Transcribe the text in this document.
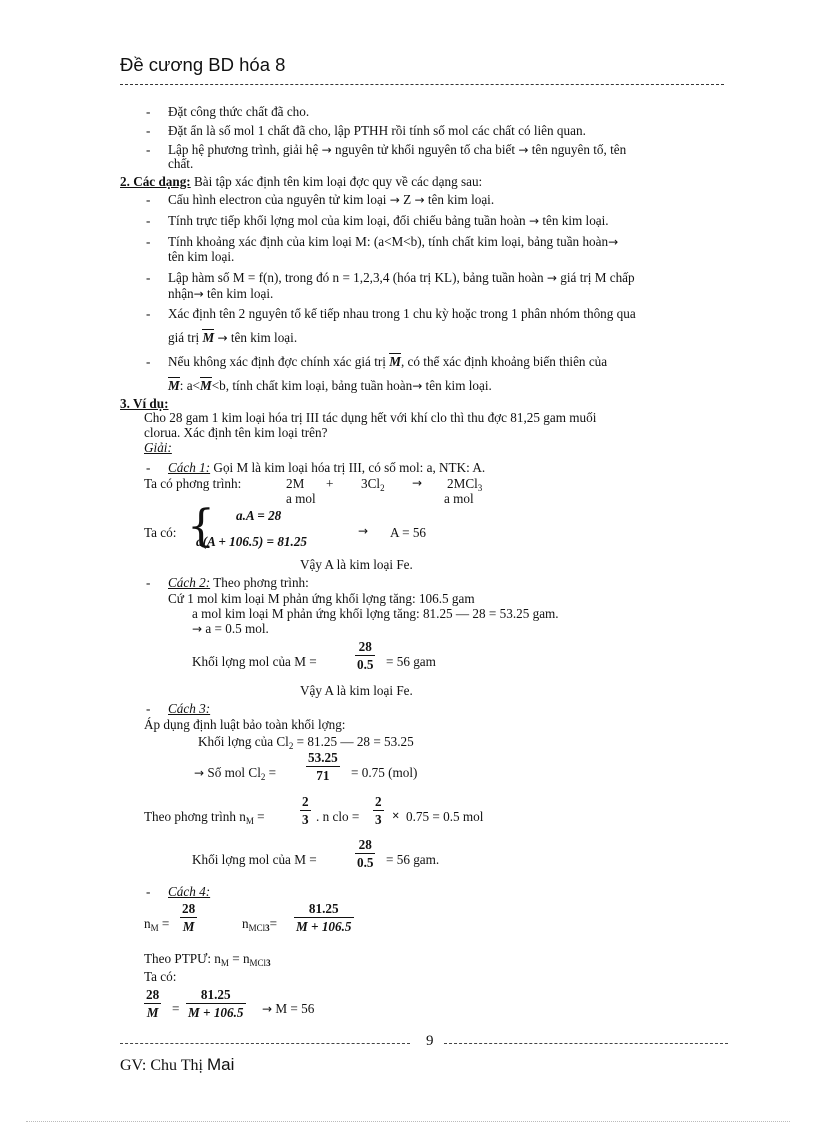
Đề cương BD hóa 8
-	Đặt công thức chất đã cho.
-	Đặt ẩn là số mol 1 chất đã cho, lập PTHH rồi tính số mol các chất có liên quan.
-	Lập hệ phương trình, giải hệ → nguyên tử khối nguyên tố cha biết → tên nguyên tố, tên
chất.
2. Các dạng: Bài tập xác định tên kim loại đợc quy về các dạng sau:
-	Cấu hình electron của nguyên tử kim loại → Z → tên kim loại.
-	Tính trực tiếp khối lợng mol của kim loại, đối chiếu bảng tuần hoàn → tên kim loại.
-	Tính khoảng xác định của kim loại M: (a<M<b), tính chất kim loại, bảng tuần hoàn→
tên kim loại.
-	Lập hàm số M = f(n), trong đó n = 1,2,3,4 (hóa trị KL), bảng tuần hoàn → giá trị M chấp
nhận→ tên kim loại.
-	Xác định tên 2 nguyên tố kế tiếp nhau trong 1 chu kỳ hoặc trong 1 phân nhóm thông qua
giá trị M → tên kim loại.
-	Nếu không xác định đợc chính xác giá trị M, có thể xác định khoảng biến thiên của
M: a<M<b, tính chất kim loại, bảng tuần hoàn→ tên kim loại.
3. Ví dụ:
Cho 28 gam 1 kim loại hóa trị III tác dụng hết với khí clo thì thu đợc 81,25 gam muối
clorua. Xác định tên kim loại trên?
Giải:
-	Cách 1: Gọi M là kim loại hóa trị III, có số mol: a, NTK: A.
Ta có phơng trình:	$2M + 3Cl_2 \to 2MCl_3$
a mol	a mol
Ta có: { a.A = 28
a(A + 106.5) = 81.25
→ A = 56
Vậy A là kim loại Fe.
-	Cách 2: Theo phơng trình:
Cứ 1 mol kim loại M phản ứng khối lợng tăng: 106.5 gam
a mol kim loại M phản ứng khối lợng tăng: 81.25 — 28 = 53.25 gam.
→ a = 0.5 mol.
Khối lợng mol của M =
28
0.5 = 56 gam
Vậy A là kim loại Fe.
-	Cách 3:
Áp dụng định luật bảo toàn khối lợng:
Khối lợng của $Cl_2 = 81.25$ — 28 = 53.25
→ Số mol $Cl_2$ =
53.25
71 = 0.75 (mol)
Theo phơng trình $n_M$ =
2
3 . n clo =
2
3 × 0.75 = 0.5 mol
Khối lợng mol của M =
28
0.5 = 56 gam.
-	Cách 4:
$n_M$ =
28
M	$n_{MCl3}=$
81.25
M + 106.5
Theo PTPƯ: $n_M = n_{MCl3}$
Ta có:
28
M =
81.25
M + 106.5 → M = 56
9
GV: Chu Thị Mai
